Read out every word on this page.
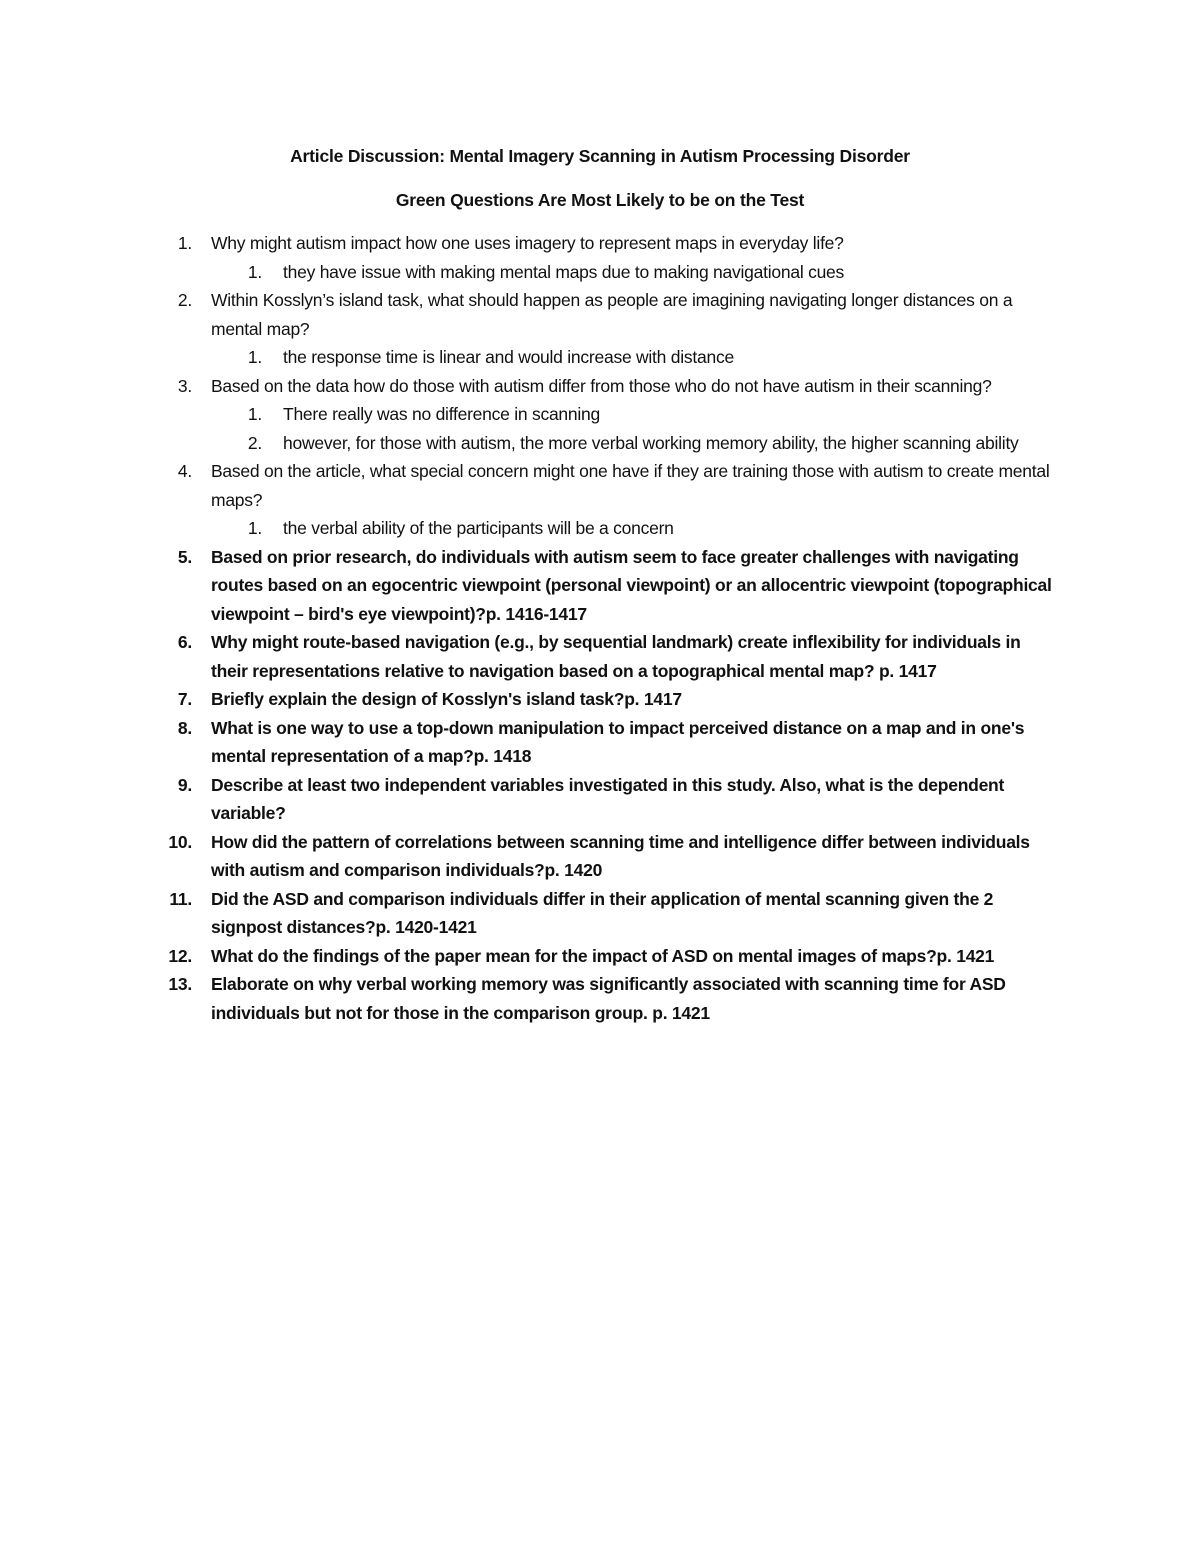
Article Discussion: Mental Imagery Scanning in Autism Processing Disorder
Green Questions Are Most Likely to be on the Test
1. Why might autism impact how one uses imagery to represent maps in everyday life?
1. they have issue with making mental maps due to making navigational cues
2. Within Kosslyn’s island task, what should happen as people are imagining navigating longer distances on a mental map?
1. the response time is linear and would increase with distance
3. Based on the data how do those with autism differ from those who do not have autism in their scanning?
1. There really was no difference in scanning
2. however, for those with autism, the more verbal working memory ability, the higher scanning ability
4. Based on the article, what special concern might one have if they are training those with autism to create mental maps?
1. the verbal ability of the participants will be a concern
5. Based on prior research, do individuals with autism seem to face greater challenges with navigating routes based on an egocentric viewpoint (personal viewpoint) or an allocentric viewpoint (topographical viewpoint – bird's eye viewpoint)?p. 1416-1417
6. Why might route-based navigation (e.g., by sequential landmark) create inflexibility for individuals in their representations relative to navigation based on a topographical mental map? p. 1417
7. Briefly explain the design of Kosslyn's island task?p. 1417
8. What is one way to use a top-down manipulation to impact perceived distance on a map and in one's mental representation of a map?p. 1418
9. Describe at least two independent variables investigated in this study. Also, what is the dependent variable?
10. How did the pattern of correlations between scanning time and intelligence differ between individuals with autism and comparison individuals?p. 1420
11. Did the ASD and comparison individuals differ in their application of mental scanning given the 2 signpost distances?p. 1420-1421
12. What do the findings of the paper mean for the impact of ASD on mental images of maps?p. 1421
13. Elaborate on why verbal working memory was significantly associated with scanning time for ASD individuals but not for those in the comparison group. p. 1421
